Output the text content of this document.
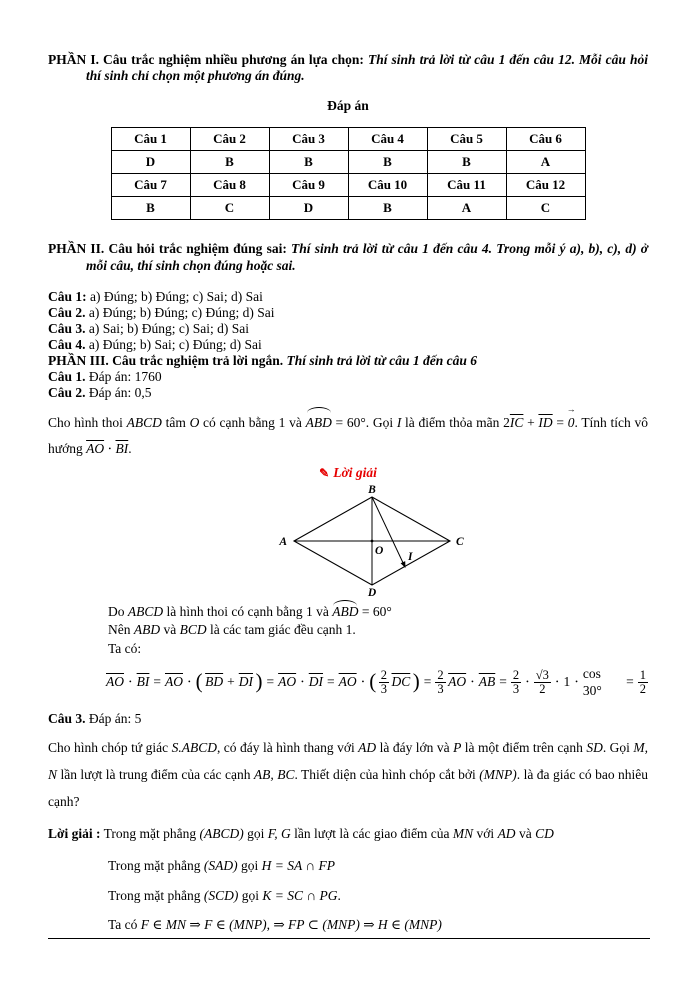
PHẦN I. Câu trắc nghiệm nhiều phương án lựa chọn: Thí sinh trả lời từ câu 1 đến câu 12. Mỗi câu hỏi thí sinh chỉ chọn một phương án đúng.

Đáp án

Câu 1	Câu 2	Câu 3	Câu 4	Câu 5	Câu 6
D	B	B	B	B	A
Câu 7	Câu 8	Câu 9	Câu 10	Câu 11	Câu 12
B	C	D	B	A	C

PHẦN II. Câu hỏi trắc nghiệm đúng sai: Thí sinh trả lời từ câu 1 đến câu 4. Trong mỗi ý a), b), c), d) ở mỗi câu, thí sinh chọn đúng hoặc sai.

Câu 1: a) Đúng; b) Đúng; c) Sai; d) Sai

Câu 2. a) Đúng; b) Đúng; c) Đúng; d) Sai

Câu 3. a) Sai; b) Đúng; c) Sai; d) Sai

Câu 4. a) Đúng; b) Sai; c) Đúng; d) Sai

PHẦN III. Câu trắc nghiệm trả lời ngắn. Thí sinh trả lời từ câu 1 đến câu 6

Câu 1. Đáp án: 1760

Câu 2. Đáp án: 0,5

Cho hình thoi ABCD tâm O có cạnh bằng 1 và ABD = 60°. Gọi I là điểm thỏa mãn $2\overline{IC} + \overline{ID} = 0$ →. Tính tích vô hướng $\overline{AO} \cdot \overline{BI}$.

✎ Lời giải

B
A	C
D
O I

Do ABCD là hình thoi có cạnh bằng 1 và ABD = 60°

Nên ABD và BCD là các tam giác đều cạnh 1.

Ta có:

$\overline{AO} \cdot \overline{BI} = \overline{AO}$ ⋅ ( $\overline{BD} + \overline{DI}$ ) = $\overline{AO} \cdot \overline{DI} = \overline{AO}$ ⋅ ( $\frac{2}{3} \overline{DC}$ ) = $\frac{2}{3} \overline{AO} \cdot \overline{AB} = \frac{2}{3} \cdot \frac{√3}{2} \cdot 1$ ⋅
cos 30°
= $\frac{1}{2}$

Câu 3. Đáp án: 5

Cho hình chóp tứ giác S.ABCD, có đáy là hình thang với AD là đáy lớn và P là một điểm trên cạnh SD. Gọi M, N lần lượt là trung điểm của các cạnh AB, BC. Thiết diện của hình chóp cắt bởi (MNP). là đa giác có bao nhiêu cạnh?

Lời giải : Trong mặt phẳng (ABCD) gọi F, G lần lượt là các giao điểm của MN với AD và CD

Trong mặt phẳng (SAD) gọi H = SA ∩ FP

Trong mặt phẳng (SCD) gọi K = SC ∩ PG.

Ta có F ∈ MN ⇒ F ∈ (MNP), ⇒ FP ⊂ (MNP) ⇒ H ∈ (MNP)
